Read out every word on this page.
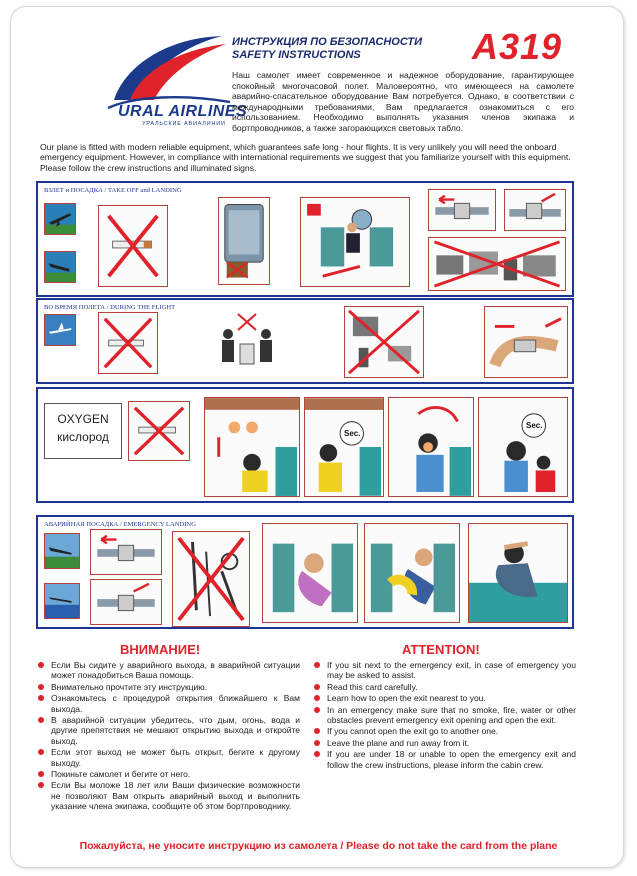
URAL AIRLINES
УРАЛЬСКИЕ АВИАЛИНИИ
ИНСТРУКЦИЯ ПО БЕЗОПАСНОСТИ
SAFETY INSTRUCTIONS	A319
Наш самолет имеет современное и надежное оборудование, гарантирующее спокойный многочасовой полет. Маловероятно, что имеющееся на самолете аварийно-спасательное оборудование Вам потребуется. Однако, в соответствии с международными требованиями, Вам предлагается ознакомиться с его использованием. Необходимо выполнять указания членов экипажа и бортпроводников, а также загорающихся световых табло.
Our plane is fitted with modern reliable equipment, which guarantees safe long - hour flights. It is very unlikely you will need the onboard emergency equipment. However, in compliance with international requirements we suggest that you familiarize yourself with this equipment. Please follow the crew instructions and illuminated signs.
ВЗЛЕТ и ПОСАДКА / TAKE OFF and LANDING
ВО ВРЕМЯ ПОЛЕТА / DURING THE FLIGHT
OXYGEN
кислород	Sec.
Sec.
АВАРИЙНАЯ ПОСАДКА / EMERGENCY LANDING
ВНИМАНИЕ!
Если Вы сидите у аварийного выхода, в аварийной ситуации может понадобиться Ваша помощь.
Внимательно прочтите эту инструкцию.
Ознакомьтесь с процедурой открытия ближайшего к Вам выхода.
В аварийной ситуации убедитесь, что дым, огонь, вода и другие препятствия не мешают открытию выхода и откройте выход.
Если этот выход не может быть открыт, бегите к другому выходу.
Покиньте самолет и бегите от него.
Если Вы моложе 18 лет или Ваши физические возможности не позволяют Вам открыть аварийный выход и выполнить указание члена экипажа, сообщите об этом бортпроводнику.
ATTENTION!
If you sit next to the emergency exit, in case of emergency you may be asked to assist.
Read this card carefully.
Learn how to open the exit nearest to you.
In an emergency make sure that no smoke, fire, water or other obstacles prevent emergency exit opening and open the exit.
If you cannot open the exit go to another one.
Leave the plane and run away from it.
If you are under 18 or unable to open the emergency exit and follow the crew instructions, please inform the cabin crew.
Пожалуйста, не уносите инструкцию из самолета / Please do not take the card from the plane
